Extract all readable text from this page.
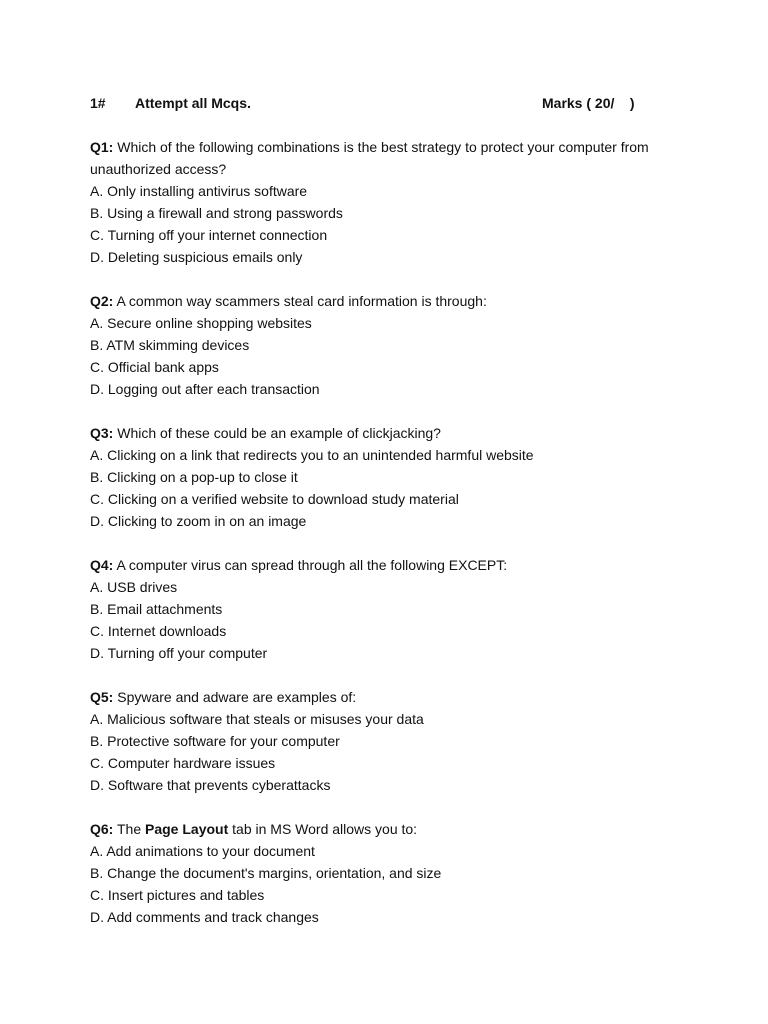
1# Attempt all Mcqs.	Marks ( 20/    )

Q1: Which of the following combinations is the best strategy to protect your computer from unauthorized access?

A. Only installing antivirus software

B. Using a firewall and strong passwords

C. Turning off your internet connection

D. Deleting suspicious emails only

Q2: A common way scammers steal card information is through:

A. Secure online shopping websites

B. ATM skimming devices

C. Official bank apps

D. Logging out after each transaction

Q3: Which of these could be an example of clickjacking?

A. Clicking on a link that redirects you to an unintended harmful website

B. Clicking on a pop-up to close it

C. Clicking on a verified website to download study material

D. Clicking to zoom in on an image

Q4: A computer virus can spread through all the following EXCEPT:

A. USB drives

B. Email attachments

C. Internet downloads

D. Turning off your computer

Q5: Spyware and adware are examples of:

A. Malicious software that steals or misuses your data

B. Protective software for your computer

C. Computer hardware issues

D. Software that prevents cyberattacks

Q6: The Page Layout tab in MS Word allows you to:

A. Add animations to your document

B. Change the document's margins, orientation, and size

C. Insert pictures and tables

D. Add comments and track changes
